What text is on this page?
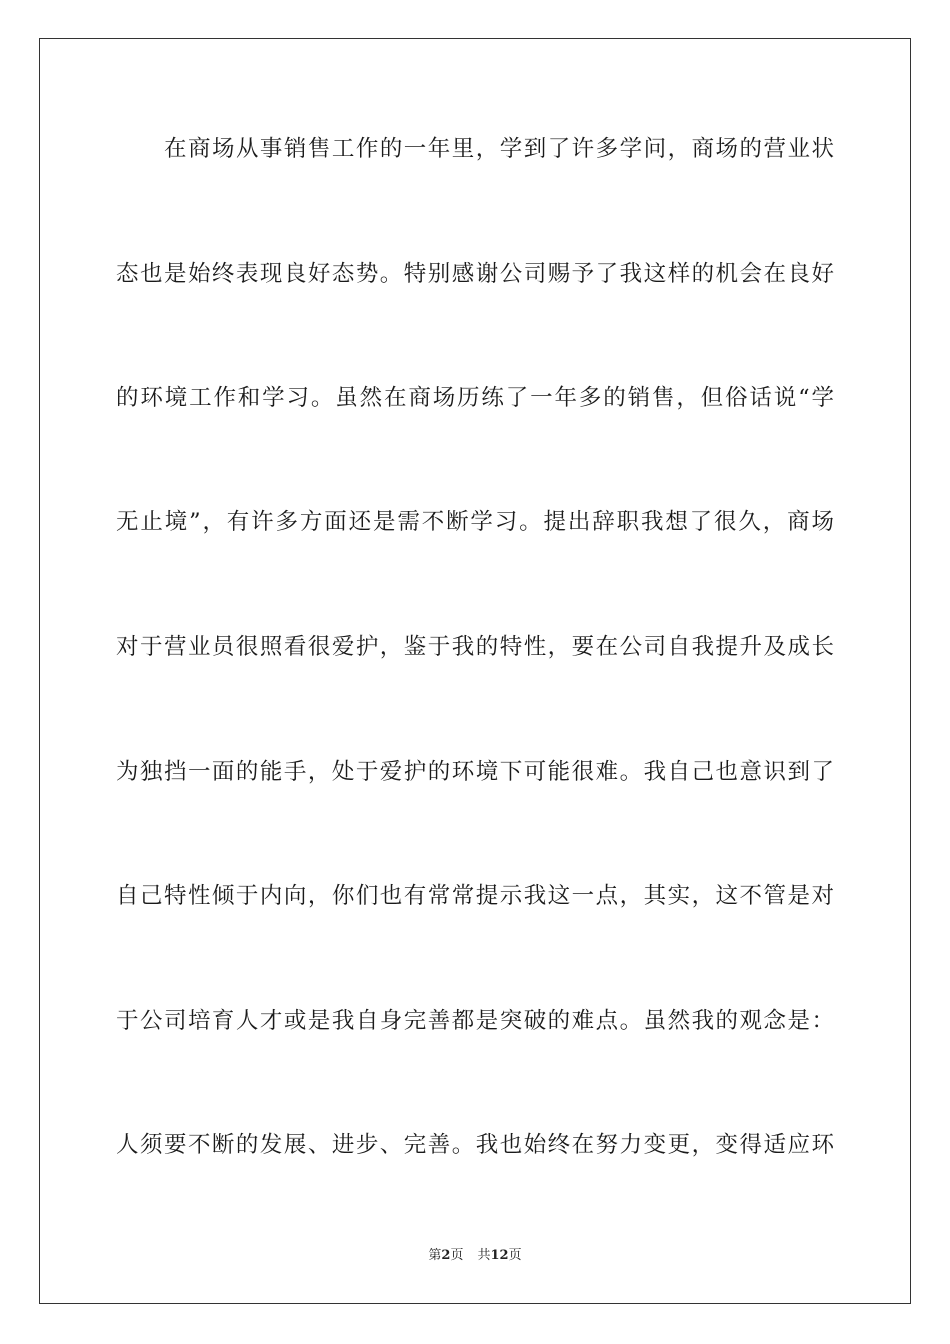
在商场从事销售工作的一年里，学到了许多学问，商场的营业状
态也是始终表现良好态势。特别感谢公司赐予了我这样的机会在良好
的环境工作和学习。虽然在商场历练了一年多的销售，但俗话说“学
无止境”，有许多方面还是需不断学习。提出辞职我想了很久，商场
对于营业员很照看很爱护，鉴于我的特性，要在公司自我提升及成长
为独挡一面的能手，处于爱护的环境下可能很难。我自己也意识到了
自己特性倾于内向，你们也有常常提示我这一点，其实，这不管是对
于公司培育人才或是我自身完善都是突破的难点。虽然我的观念是：
人须要不断的发展、进步、完善。我也始终在努力变更，变得适应环
第2页 共12页
